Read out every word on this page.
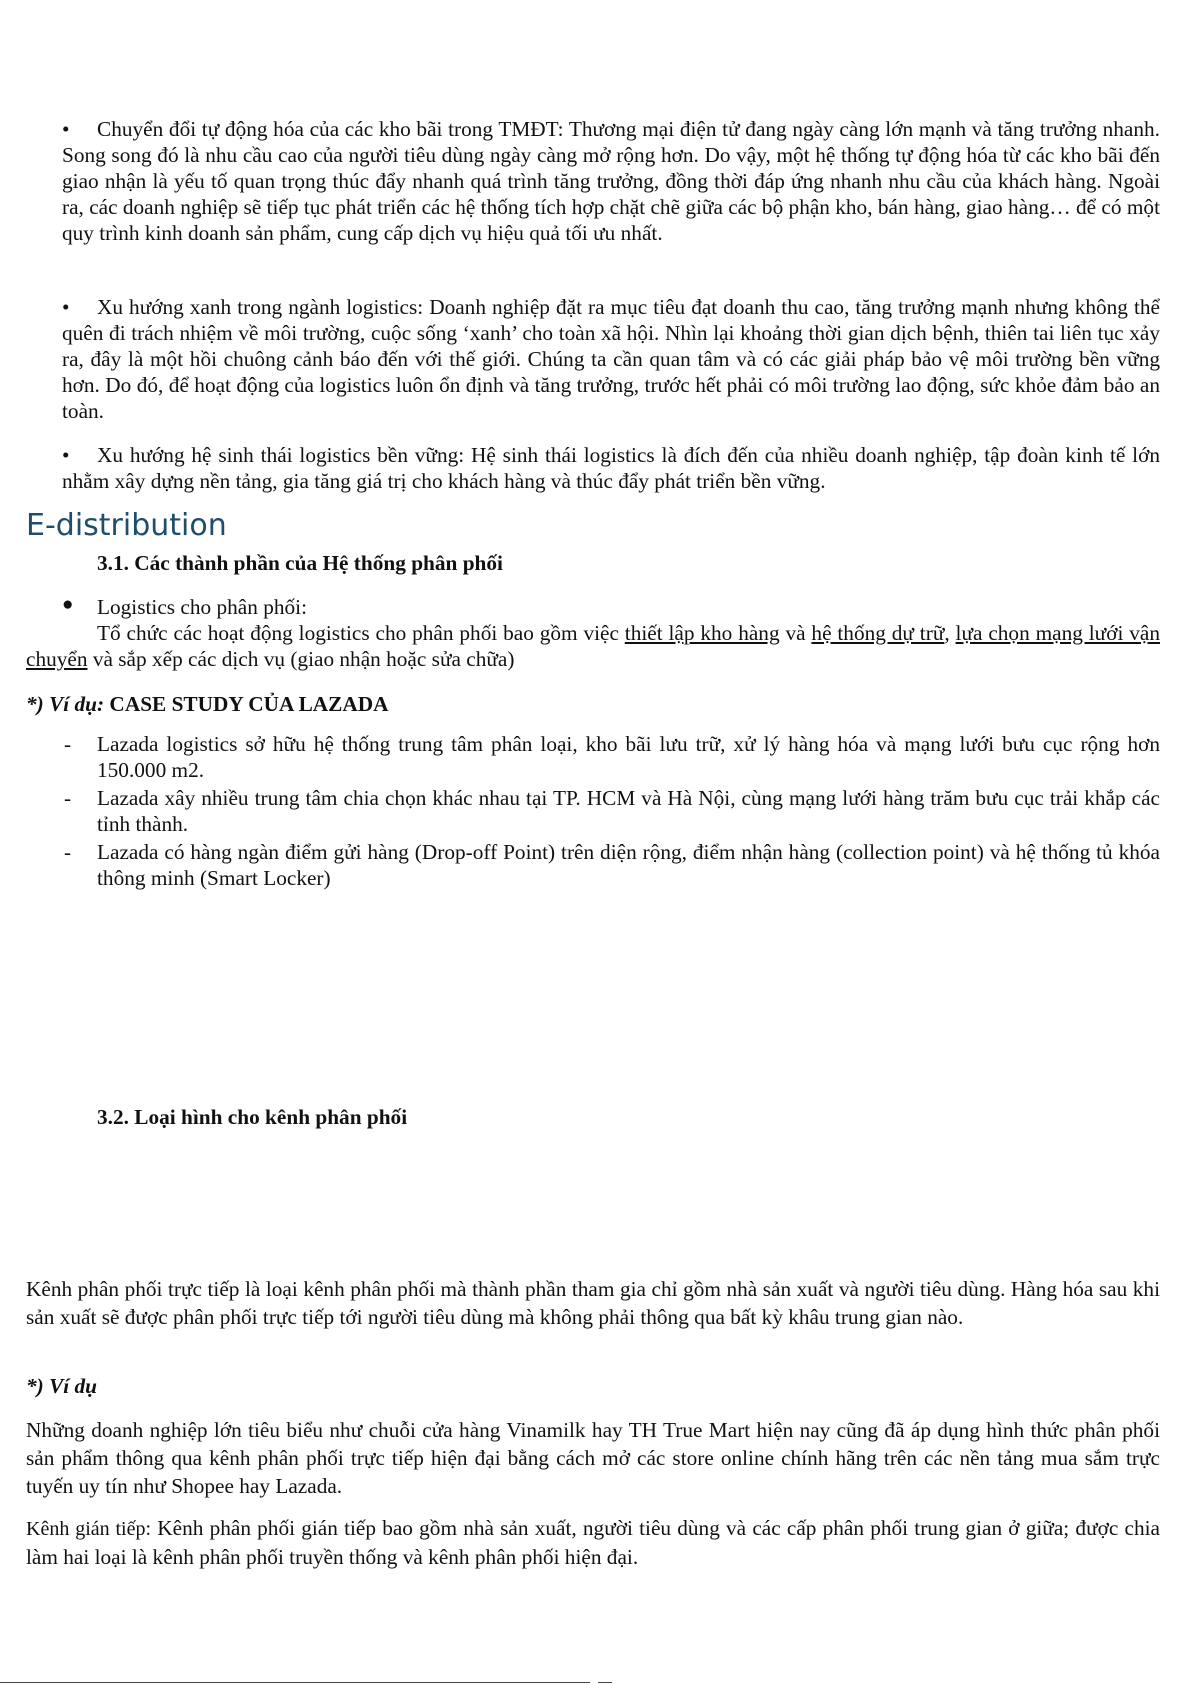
• Chuyển đổi tự động hóa của các kho bãi trong TMĐT: Thương mại điện tử đang ngày càng lớn mạnh và tăng trưởng nhanh. Song song đó là nhu cầu cao của người tiêu dùng ngày càng mở rộng hơn. Do vậy, một hệ thống tự động hóa từ các kho bãi đến giao nhận là yếu tố quan trọng thúc đẩy nhanh quá trình tăng trưởng, đồng thời đáp ứng nhanh nhu cầu của khách hàng. Ngoài ra, các doanh nghiệp sẽ tiếp tục phát triển các hệ thống tích hợp chặt chẽ giữa các bộ phận kho, bán hàng, giao hàng… để có một quy trình kinh doanh sản phẩm, cung cấp dịch vụ hiệu quả tối ưu nhất.

• Xu hướng xanh trong ngành logistics: Doanh nghiệp đặt ra mục tiêu đạt doanh thu cao, tăng trưởng mạnh nhưng không thể quên đi trách nhiệm về môi trường, cuộc sống ‘xanh’ cho toàn xã hội. Nhìn lại khoảng thời gian dịch bệnh, thiên tai liên tục xảy ra, đây là một hồi chuông cảnh báo đến với thế giới. Chúng ta cần quan tâm và có các giải pháp bảo vệ môi trường bền vững hơn. Do đó, để hoạt động của logistics luôn ổn định và tăng trưởng, trước hết phải có môi trường lao động, sức khỏe đảm bảo an toàn.

• Xu hướng hệ sinh thái logistics bền vững: Hệ sinh thái logistics là đích đến của nhiều doanh nghiệp, tập đoàn kinh tế lớn nhằm xây dựng nền tảng, gia tăng giá trị cho khách hàng và thúc đẩy phát triển bền vững.

E-distribution

3.1. Các thành phần của Hệ thống phân phối

● Logistics cho phân phối:

Tổ chức các hoạt động logistics cho phân phối bao gồm việc thiết lập kho hàng và hệ thống dự trữ, lựa chọn mạng lưới vận chuyển và sắp xếp các dịch vụ (giao nhận hoặc sửa chữa)

*) Ví dụ: CASE STUDY CỦA LAZADA

- Lazada logistics sở hữu hệ thống trung tâm phân loại, kho bãi lưu trữ, xử lý hàng hóa và mạng lưới bưu cục rộng hơn 150.000 m2.

- Lazada xây nhiều trung tâm chia chọn khác nhau tại TP. HCM và Hà Nội, cùng mạng lưới hàng trăm bưu cục trải khắp các tỉnh thành.

- Lazada có hàng ngàn điểm gửi hàng (Drop-off Point) trên diện rộng, điểm nhận hàng (collection point) và hệ thống tủ khóa thông minh (Smart Locker)

3.2. Loại hình cho kênh phân phối

Kênh phân phối trực tiếp là loại kênh phân phối mà thành phần tham gia chỉ gồm nhà sản xuất và người tiêu dùng. Hàng hóa sau khi sản xuất sẽ được phân phối trực tiếp tới người tiêu dùng mà không phải thông qua bất kỳ khâu trung gian nào.

*) Ví dụ

Những doanh nghiệp lớn tiêu biểu như chuỗi cửa hàng Vinamilk hay TH True Mart hiện nay cũng đã áp dụng hình thức phân phối sản phẩm thông qua kênh phân phối trực tiếp hiện đại bằng cách mở các store online chính hãng trên các nền tảng mua sắm trực tuyến uy tín như Shopee hay Lazada.

Kênh gián tiếp: Kênh phân phối gián tiếp bao gồm nhà sản xuất, người tiêu dùng và các cấp phân phối trung gian ở giữa; được chia làm hai loại là kênh phân phối truyền thống và kênh phân phối hiện đại.
